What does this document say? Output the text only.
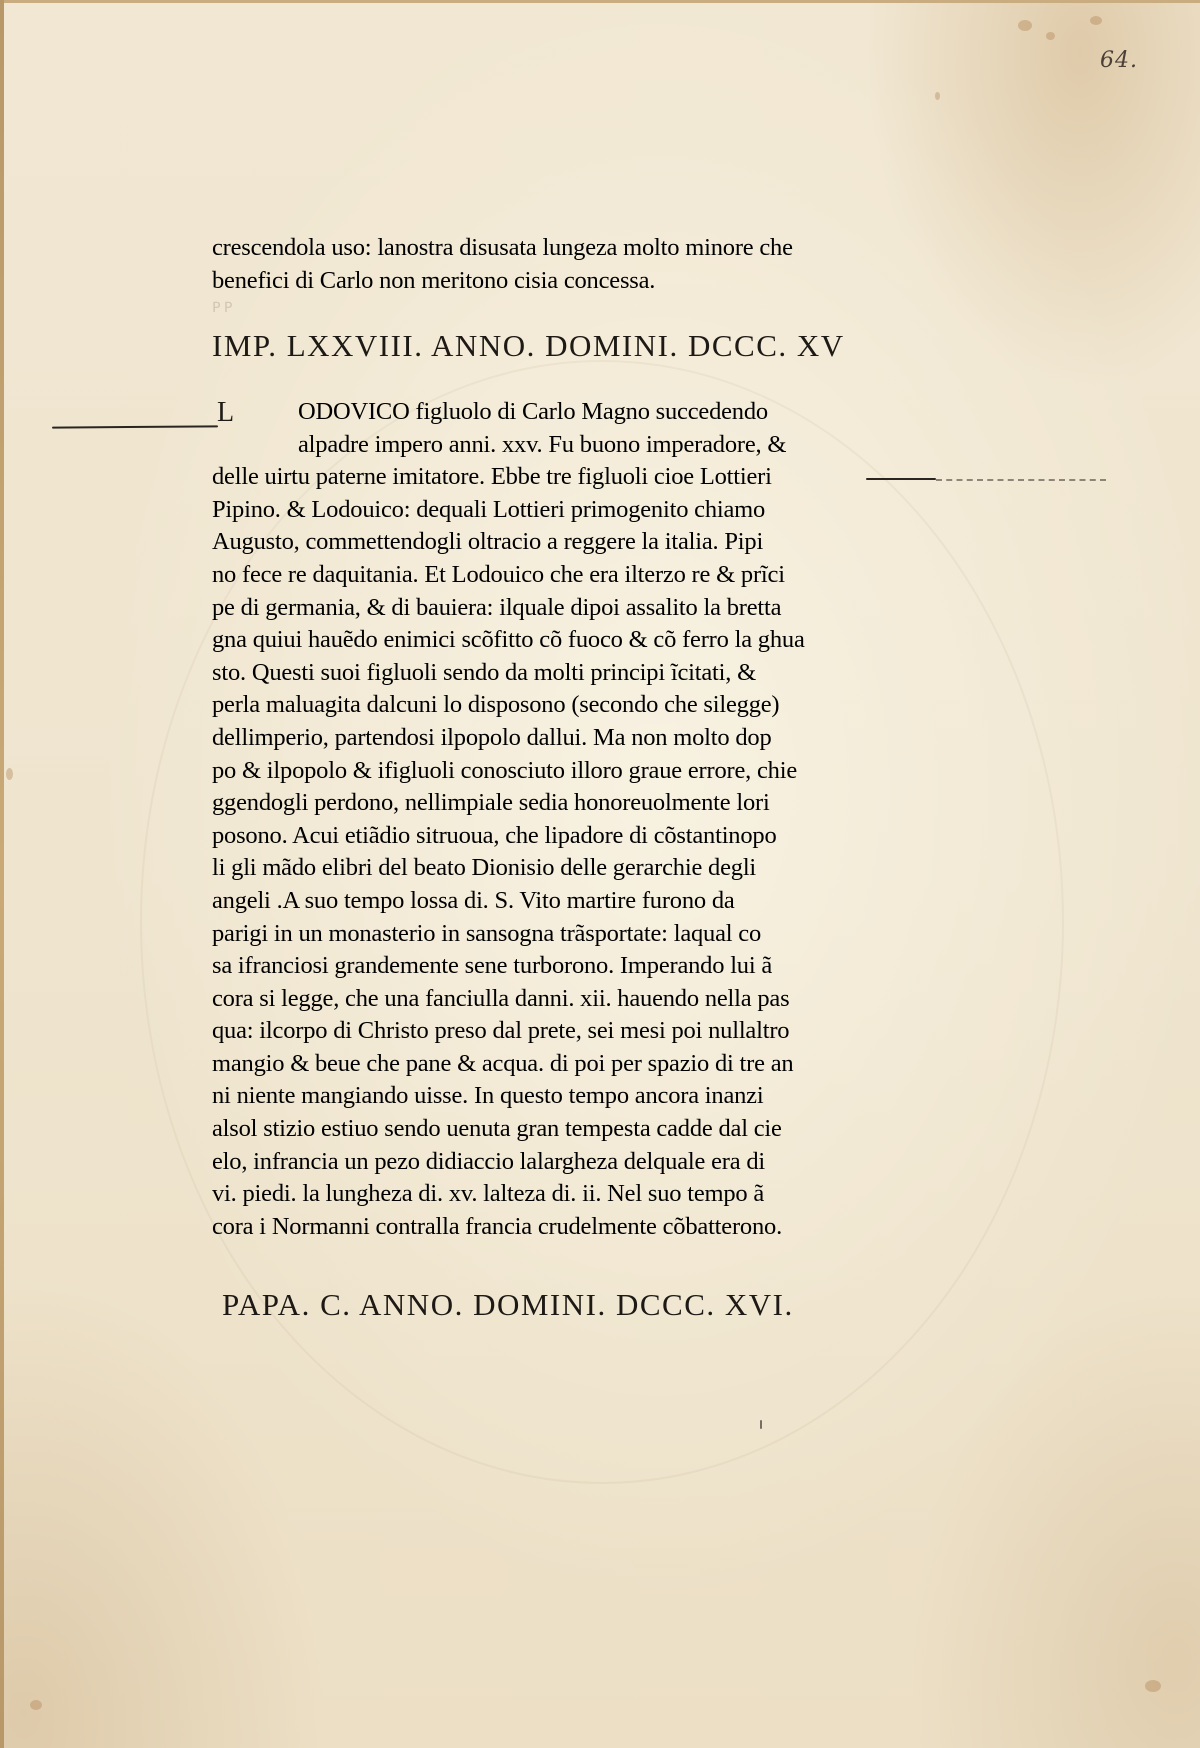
64.
ꟼ ꟼ
crescendola uso: lanostra disusata lungeza molto minore che
benefici di Carlo non meritono cisia concessa.
IMP. LXXVIII. ANNO. DOMINI. DCCC. XV
L	ODOVICO figluolo di Carlo Magno succedendo
alpadre impero anni. xxv. Fu buono imperadore, &
delle uirtu paterne imitatore. Ebbe tre figluoli cioe Lottieri
Pipino. & Lodouico: dequali Lottieri primogenito chiamo
Augusto, commettendogli oltracio a reggere la italia. Pipi
no fece re daquitania. Et Lodouico che era ilterzo re & prĩci
pe di germania, & di bauiera: ilquale dipoi assalito la bretta
gna quiui hauẽdo enimici scõfitto cõ fuoco & cõ ferro la ghua
sto. Questi suoi figluoli sendo da molti principi ĩcitati, &
perla maluagita dalcuni lo disposono (secondo che silegge)
dellimperio, partendosi ilpopolo dallui. Ma non molto dop
po & ilpopolo & ifigluoli conosciuto illoro graue errore, chie
ggendogli perdono, nellimpiale sedia honoreuolmente lori
posono. Acui etiãdio sitruoua, che lipadore di cõstantinopo
li gli mãdo elibri del beato Dionisio delle gerarchie degli
angeli .A suo tempo lossa di. S. Vito martire furono da
parigi in un monasterio in sansogna trãsportate: laqual co
sa ifranciosi grandemente sene turborono. Imperando lui ã
cora si legge, che una fanciulla danni. xii. hauendo nella pas
qua: ilcorpo di Christo preso dal prete, sei mesi poi nullaltro
mangio & beue che pane & acqua. di poi per spazio di tre an
ni niente mangiando uisse. In questo tempo ancora inanzi
alsol stizio estiuo sendo uenuta gran tempesta cadde dal cie
elo, infrancia un pezo didiaccio lalargheza delquale era di
vi. piedi. la lungheza di. xv. lalteza di. ii. Nel suo tempo ã
cora i Normanni contralla francia crudelmente cõbatterono.
PAPA. C. ANNO. DOMINI. DCCC. XVI.
